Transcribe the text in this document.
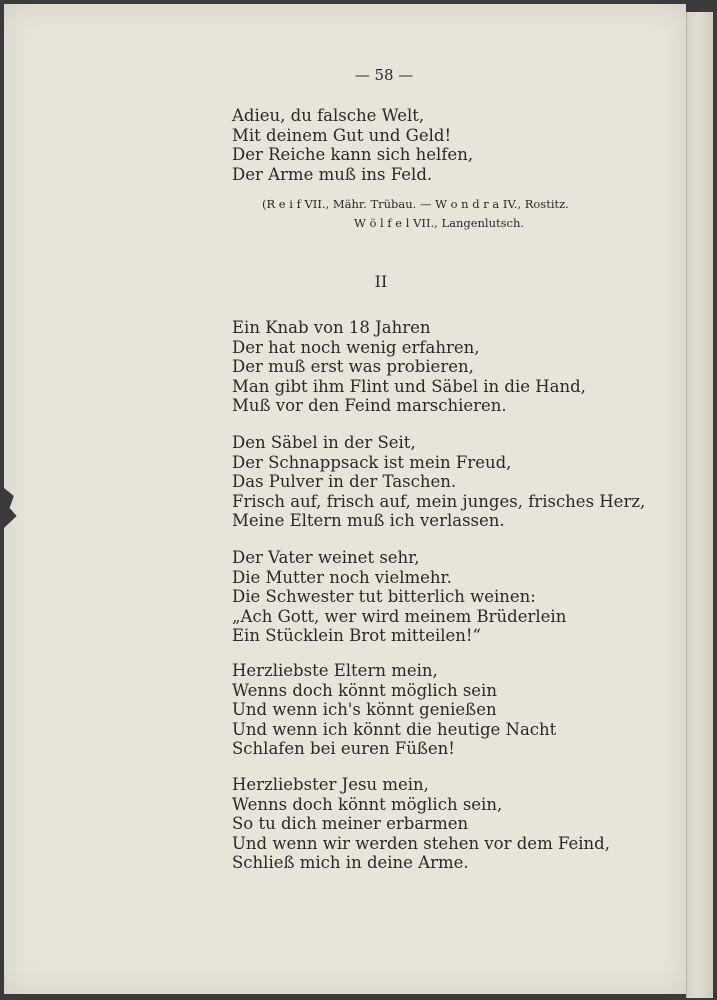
— 58 —
Adieu, du falsche Welt,
Mit deinem Gut und Geld!
Der Reiche kann sich helfen,
Der Arme muß ins Feld.
(R e i f VII., Mähr. Trübau. — W o n d r a IV., Rostitz.
W ö l f e l VII., Langenlutsch.
II
Ein Knab von 18 Jahren
Der hat noch wenig erfahren,
Der muß erst was probieren,
Man gibt ihm Flint und Säbel in die Hand,
Muß vor den Feind marschieren.
Den Säbel in der Seit,
Der Schnappsack ist mein Freud,
Das Pulver in der Taschen.
Frisch auf, frisch auf, mein junges, frisches Herz,
Meine Eltern muß ich verlassen.
Der Vater weinet sehr,
Die Mutter noch vielmehr.
Die Schwester tut bitterlich weinen:
„Ach Gott, wer wird meinem Brüderlein
Ein Stücklein Brot mitteilen!“
Herzliebste Eltern mein,
Wenns doch könnt möglich sein
Und wenn ich's könnt genießen
Und wenn ich könnt die heutige Nacht
Schlafen bei euren Füßen!
Herzliebster Jesu mein,
Wenns doch könnt möglich sein,
So tu dich meiner erbarmen
Und wenn wir werden stehen vor dem Feind,
Schließ mich in deine Arme.
